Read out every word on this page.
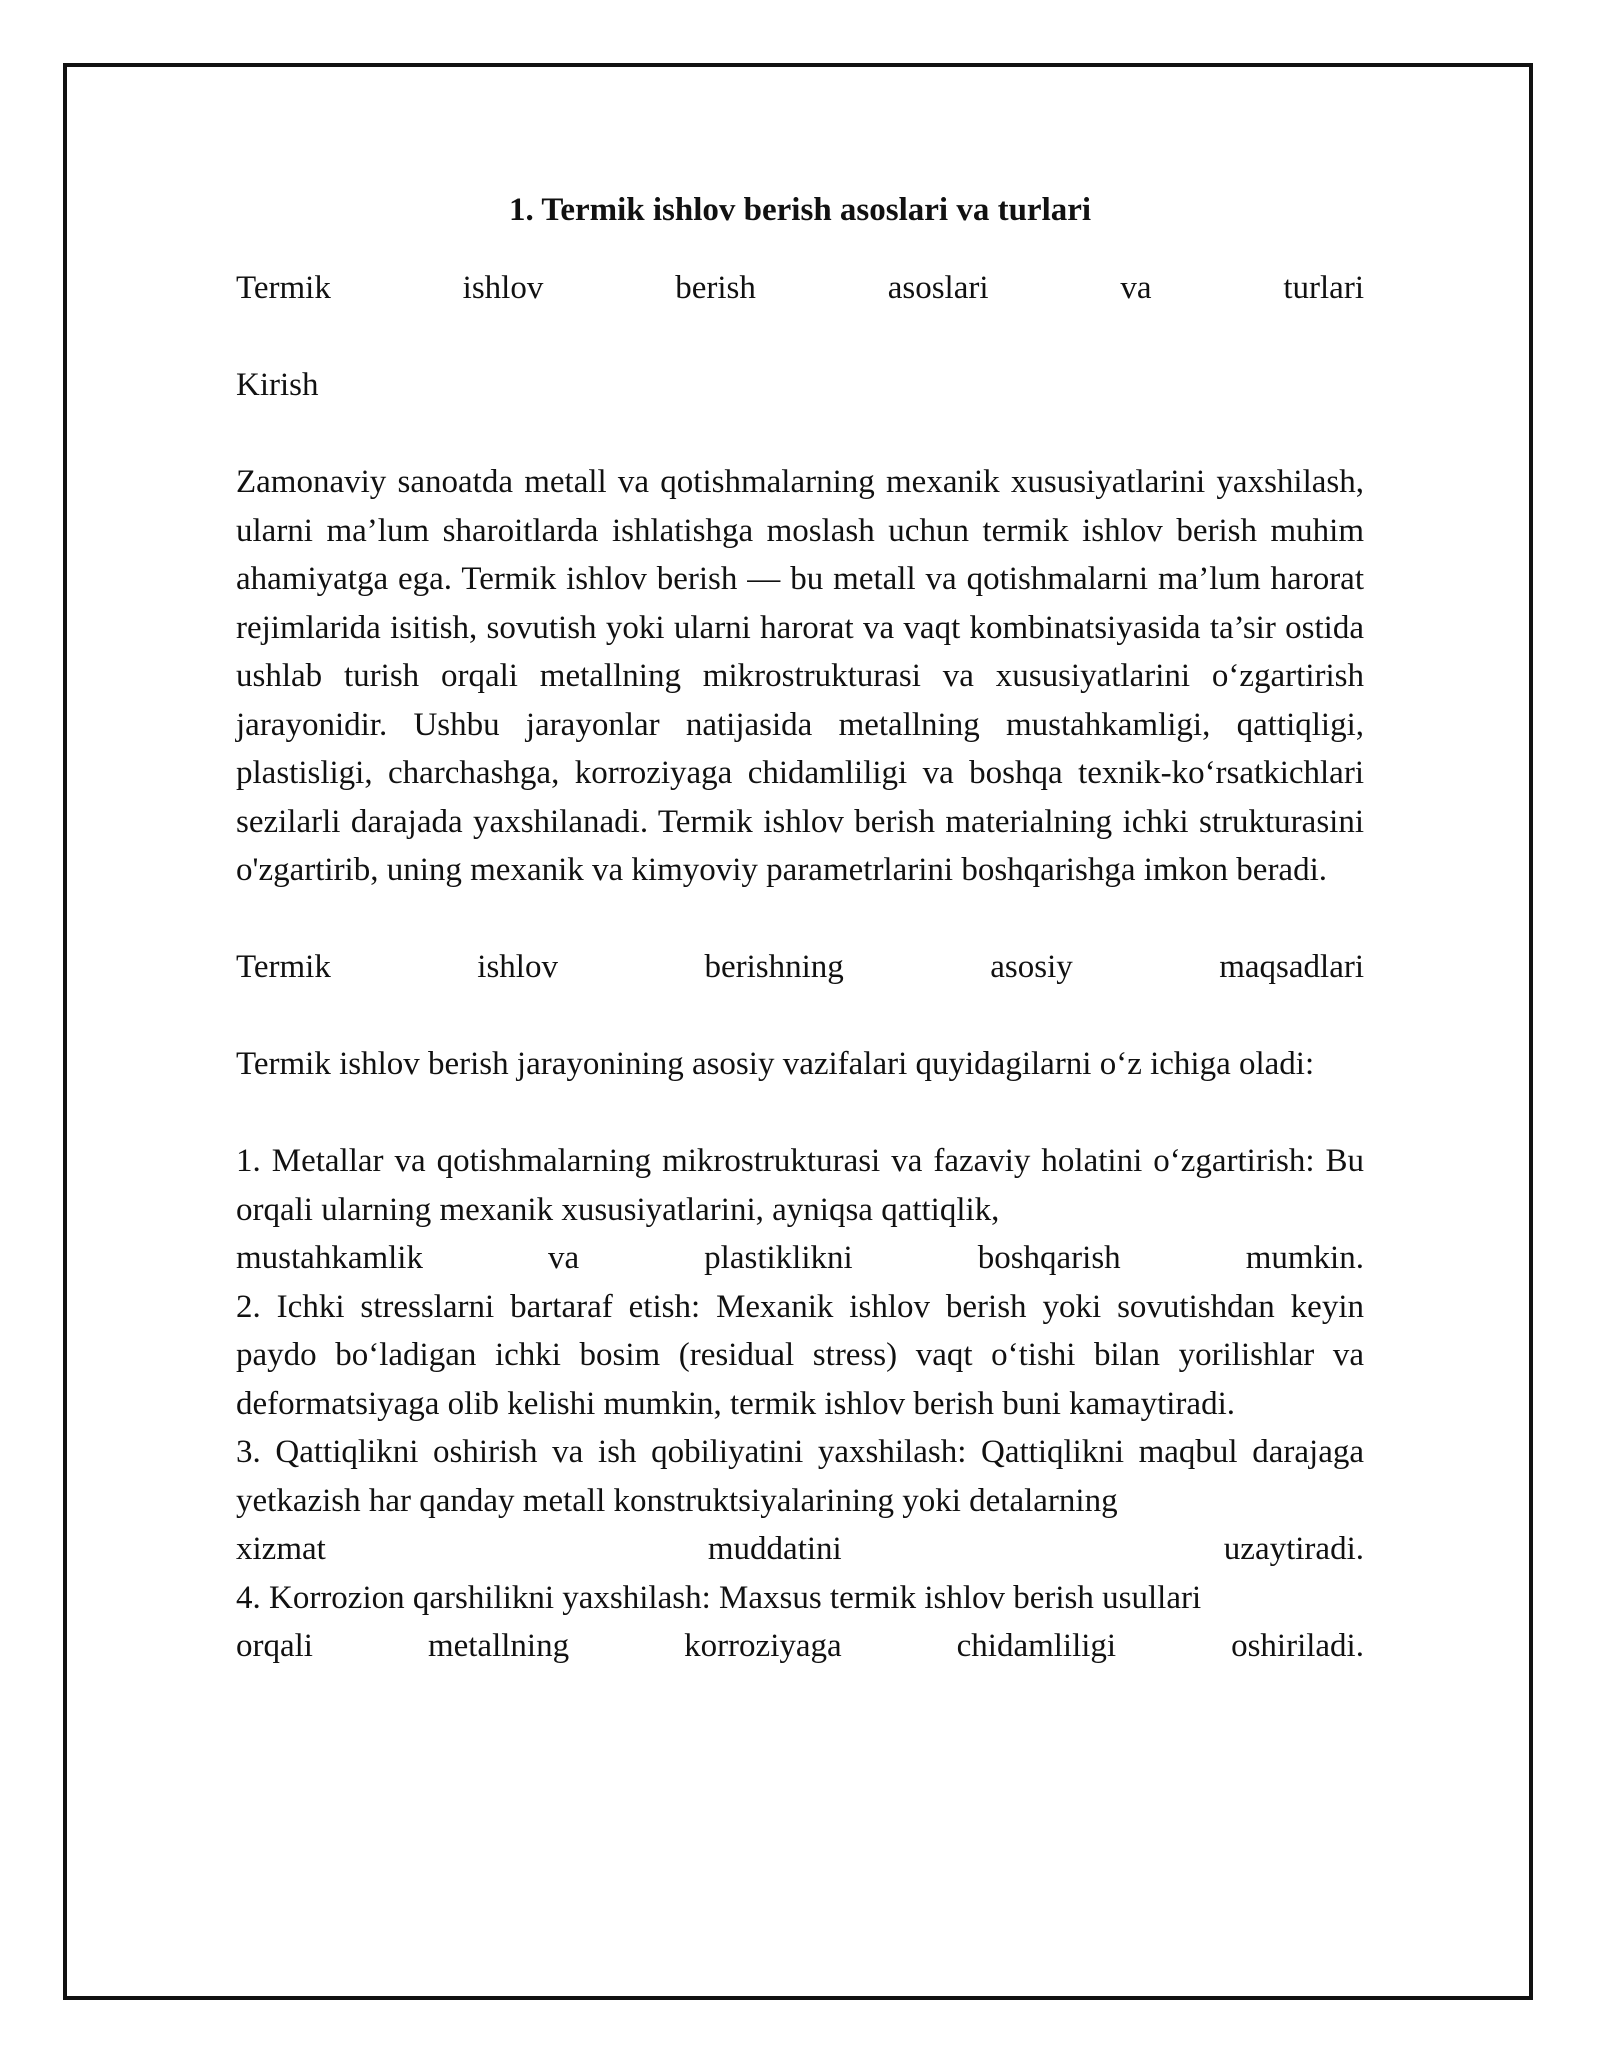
1. Termik ishlov berish asoslari va turlari

Termik	ishlov	berish	asoslari	va	turlari

Kirish

Zamonaviy sanoatda metall va qotishmalarning mexanik xususiyatlarini yaxshilash, ularni ma’lum sharoitlarda ishlatishga moslash uchun termik ishlov berish muhim ahamiyatga ega. Termik ishlov berish — bu metall va qotishmalarni ma’lum harorat rejimlarida isitish, sovutish yoki ularni harorat va vaqt kombinatsiyasida ta’sir ostida ushlab turish orqali metallning mikrostrukturasi va xususiyatlarini o‘zgartirish jarayonidir. Ushbu jarayonlar natijasida metallning mustahkamligi, qattiqligi, plastisligi, charchashga, korroziyaga chidamliligi va boshqa texnik-ko‘rsatkichlari sezilarli darajada yaxshilanadi. Termik ishlov berish materialning ichki strukturasini o'zgartirib, uning mexanik va kimyoviy parametrlarini boshqarishga imkon beradi.

Termik	ishlov	berishning	asosiy	maqsadlari

Termik ishlov berish jarayonining asosiy vazifalari quyidagilarni o‘z ichiga oladi:

1. Metallar va qotishmalarning mikrostrukturasi va fazaviy holatini o‘zgartirish: Bu orqali ularning mexanik xususiyatlarini, ayniqsa qattiqlik,

mustahkamlik	va	plastiklikni	boshqarish	mumkin.

2. Ichki stresslarni bartaraf etish: Mexanik ishlov berish yoki sovutishdan keyin paydo bo‘ladigan ichki bosim (residual stress) vaqt o‘tishi bilan yorilishlar va deformatsiyaga olib kelishi mumkin, termik ishlov berish buni kamaytiradi.

3. Qattiqlikni oshirish va ish qobiliyatini yaxshilash: Qattiqlikni maqbul darajaga yetkazish har qanday metall konstruktsiyalarining yoki detalarning

xizmat	muddatini	uzaytiradi.

4. Korrozion qarshilikni yaxshilash: Maxsus termik ishlov berish usullari

orqali	metallning	korroziyaga	chidamliligi	oshiriladi.
